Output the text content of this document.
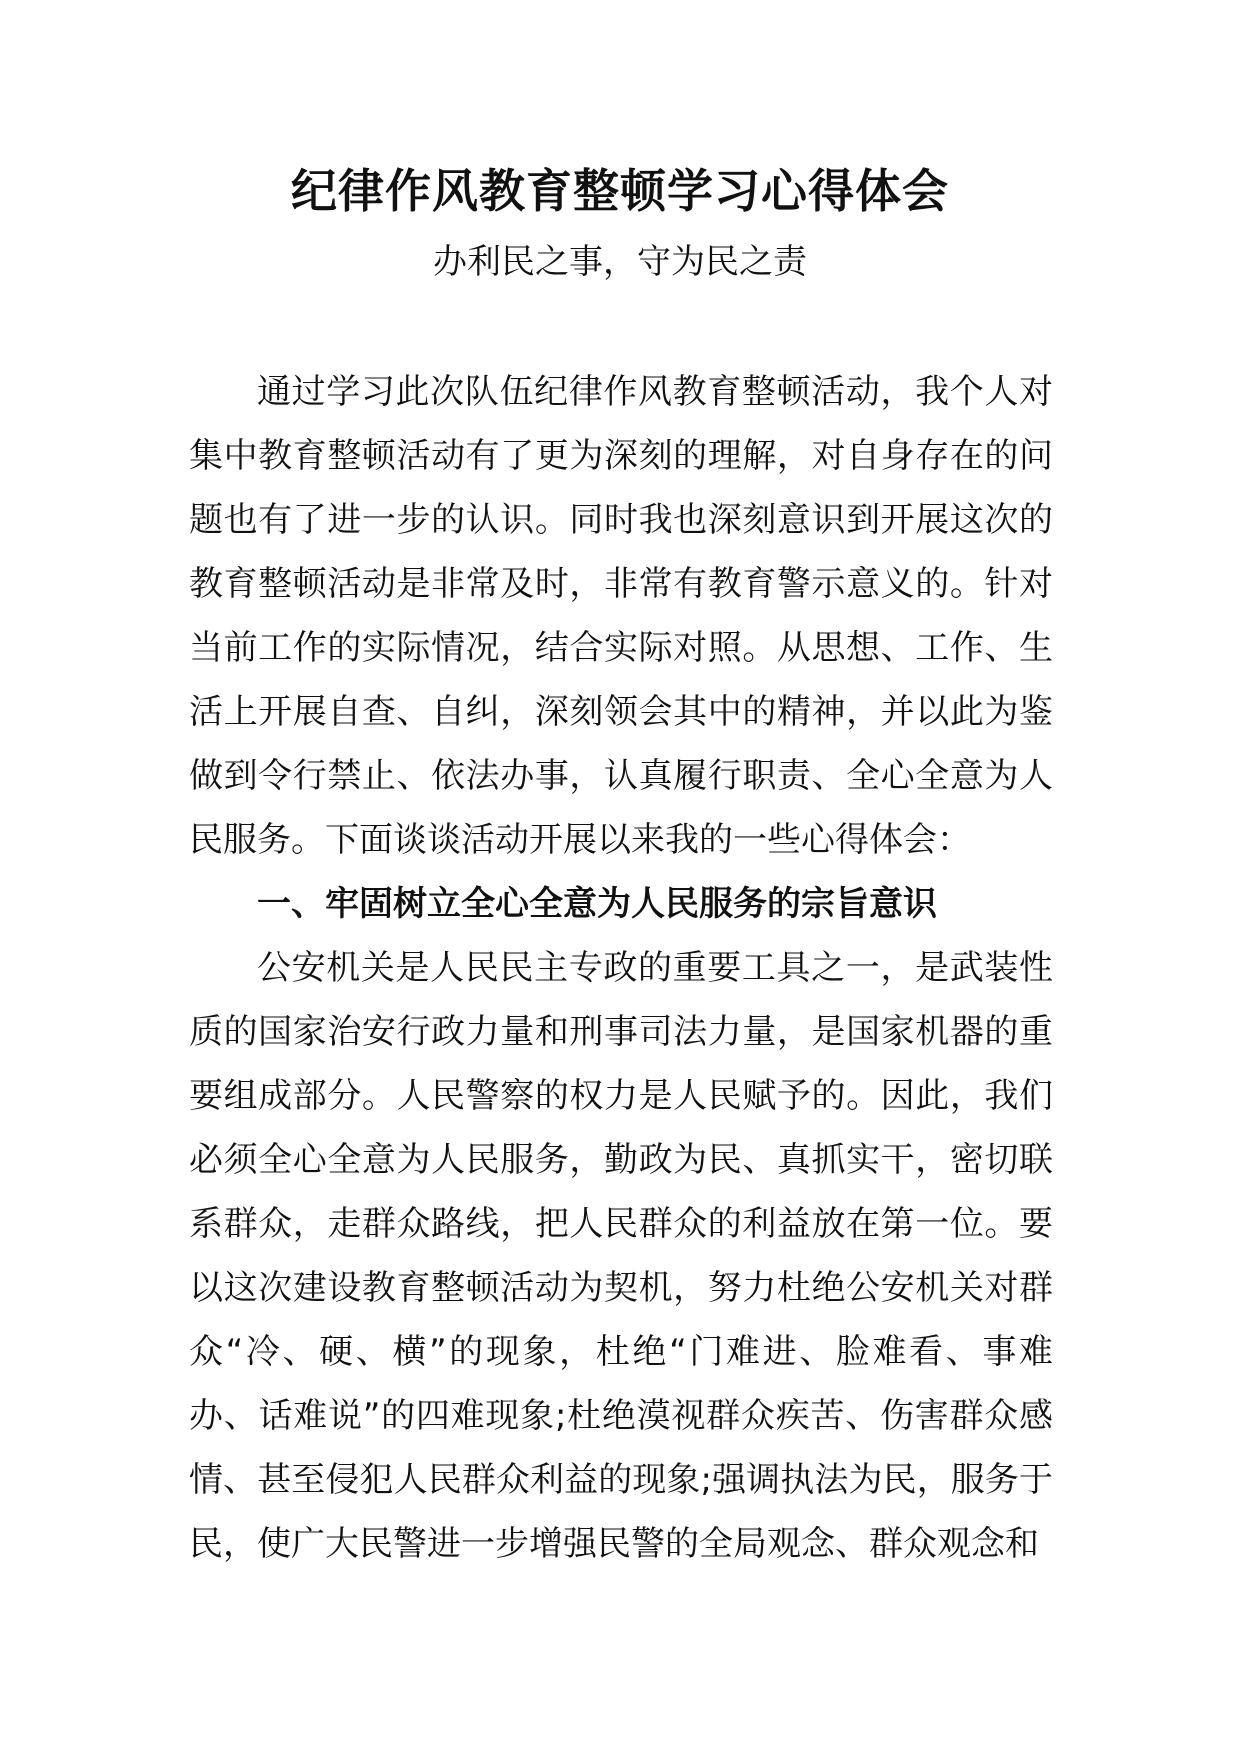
纪律作风教育整顿学习心得体会
办利民之事，守为民之责

通过学习此次队伍纪律作风教育整顿活动，我个人对集中教育整顿活动有了更为深刻的理解，对自身存在的问题也有了进一步的认识。同时我也深刻意识到开展这次的教育整顿活动是非常及时，非常有教育警示意义的。针对当前工作的实际情况，结合实际对照。从思想、工作、生活上开展自查、自纠，深刻领会其中的精神，并以此为鉴做到令行禁止、依法办事，认真履行职责、全心全意为人民服务。下面谈谈活动开展以来我的一些心得体会：

一、牢固树立全心全意为人民服务的宗旨意识

公安机关是人民民主专政的重要工具之一，是武装性质的国家治安行政力量和刑事司法力量，是国家机器的重要组成部分。人民警察的权力是人民赋予的。因此，我们必须全心全意为人民服务，勤政为民、真抓实干，密切联系群众，走群众路线，把人民群众的利益放在第一位。要以这次建设教育整顿活动为契机，努力杜绝公安机关对群众“冷、硬、横”的现象，杜绝“门难进、脸难看、事难办、话难说”的四难现象;杜绝漠视群众疾苦、伤害群众感情、甚至侵犯人民群众利益的现象;强调执法为民，服务于民，使广大民警进一步增强民警的全局观念、群众观念和
